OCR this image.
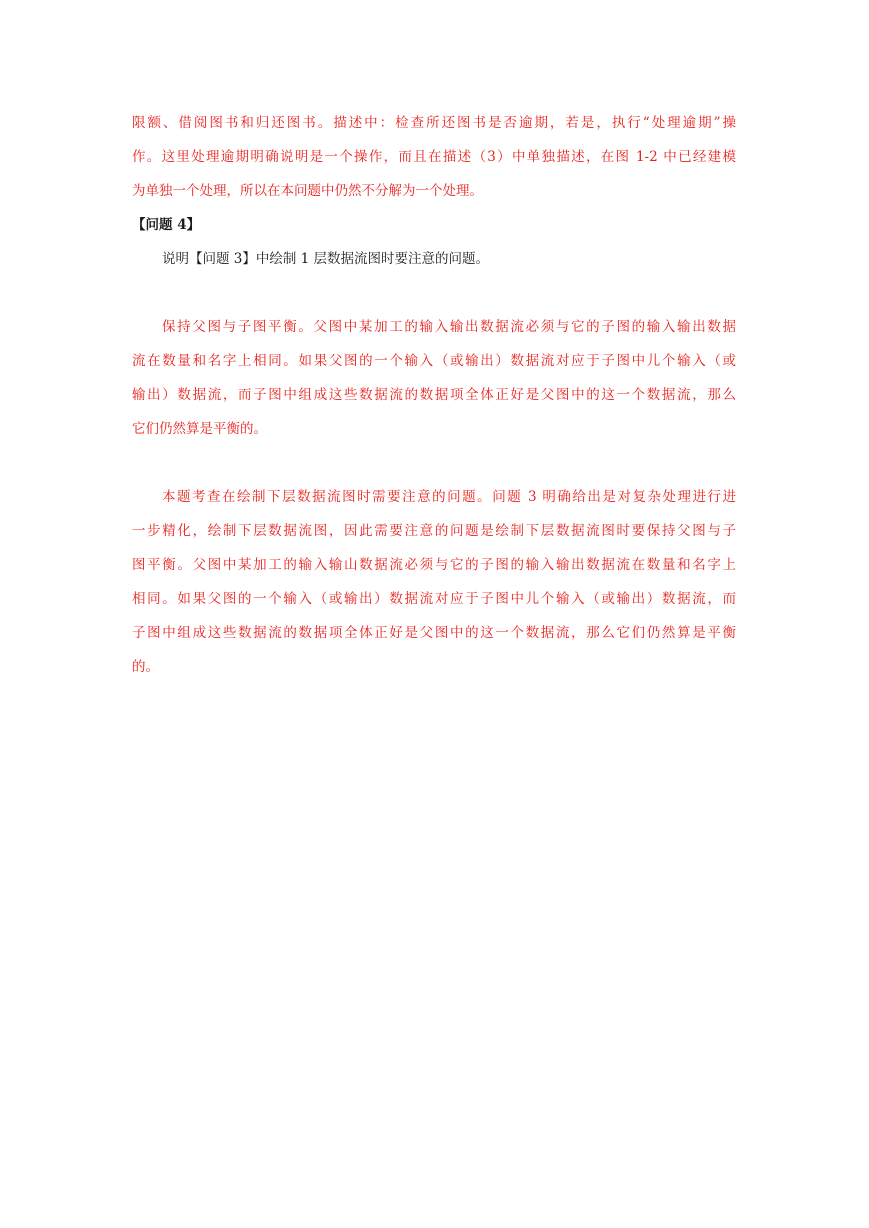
限额、借阅图书和归还图书。描述中：检查所还图书是否逾期，若是，执行“处理逾期”操
作。这里处理逾期明确说明是一个操作，而且在描述（3）中单独描述，在图 1-2 中已经建模
为单独一个处理，所以在本问题中仍然不分解为一个处理。
【问题 4】
说明【问题 3】中绘制 1 层数据流图时要注意的问题。
保持父图与子图平衡。父图中某加工的输入输出数据流必须与它的子图的输入输出数据
流在数量和名字上相同。如果父图的一个输入（或输出）数据流对应于子图中儿个输入（或
输出）数据流，而子图中组成这些数据流的数据项全体正好是父图中的这一个数据流，那么
它们仍然算是平衡的。
本题考查在绘制下层数据流图时需要注意的问题。问题 3 明确给出是对复杂处理进行进
一步精化，绘制下层数据流图，因此需要注意的问题是绘制下层数据流图时要保持父图与子
图平衡。父图中某加工的输入输山数据流必须与它的子图的输入输出数据流在数量和名字上
相同。如果父图的一个输入（或输出）数据流对应于子图中儿个输入（或输出）数据流，而
子图中组成这些数据流的数据项全体正好是父图中的这一个数据流，那么它们仍然算是平衡
的。
